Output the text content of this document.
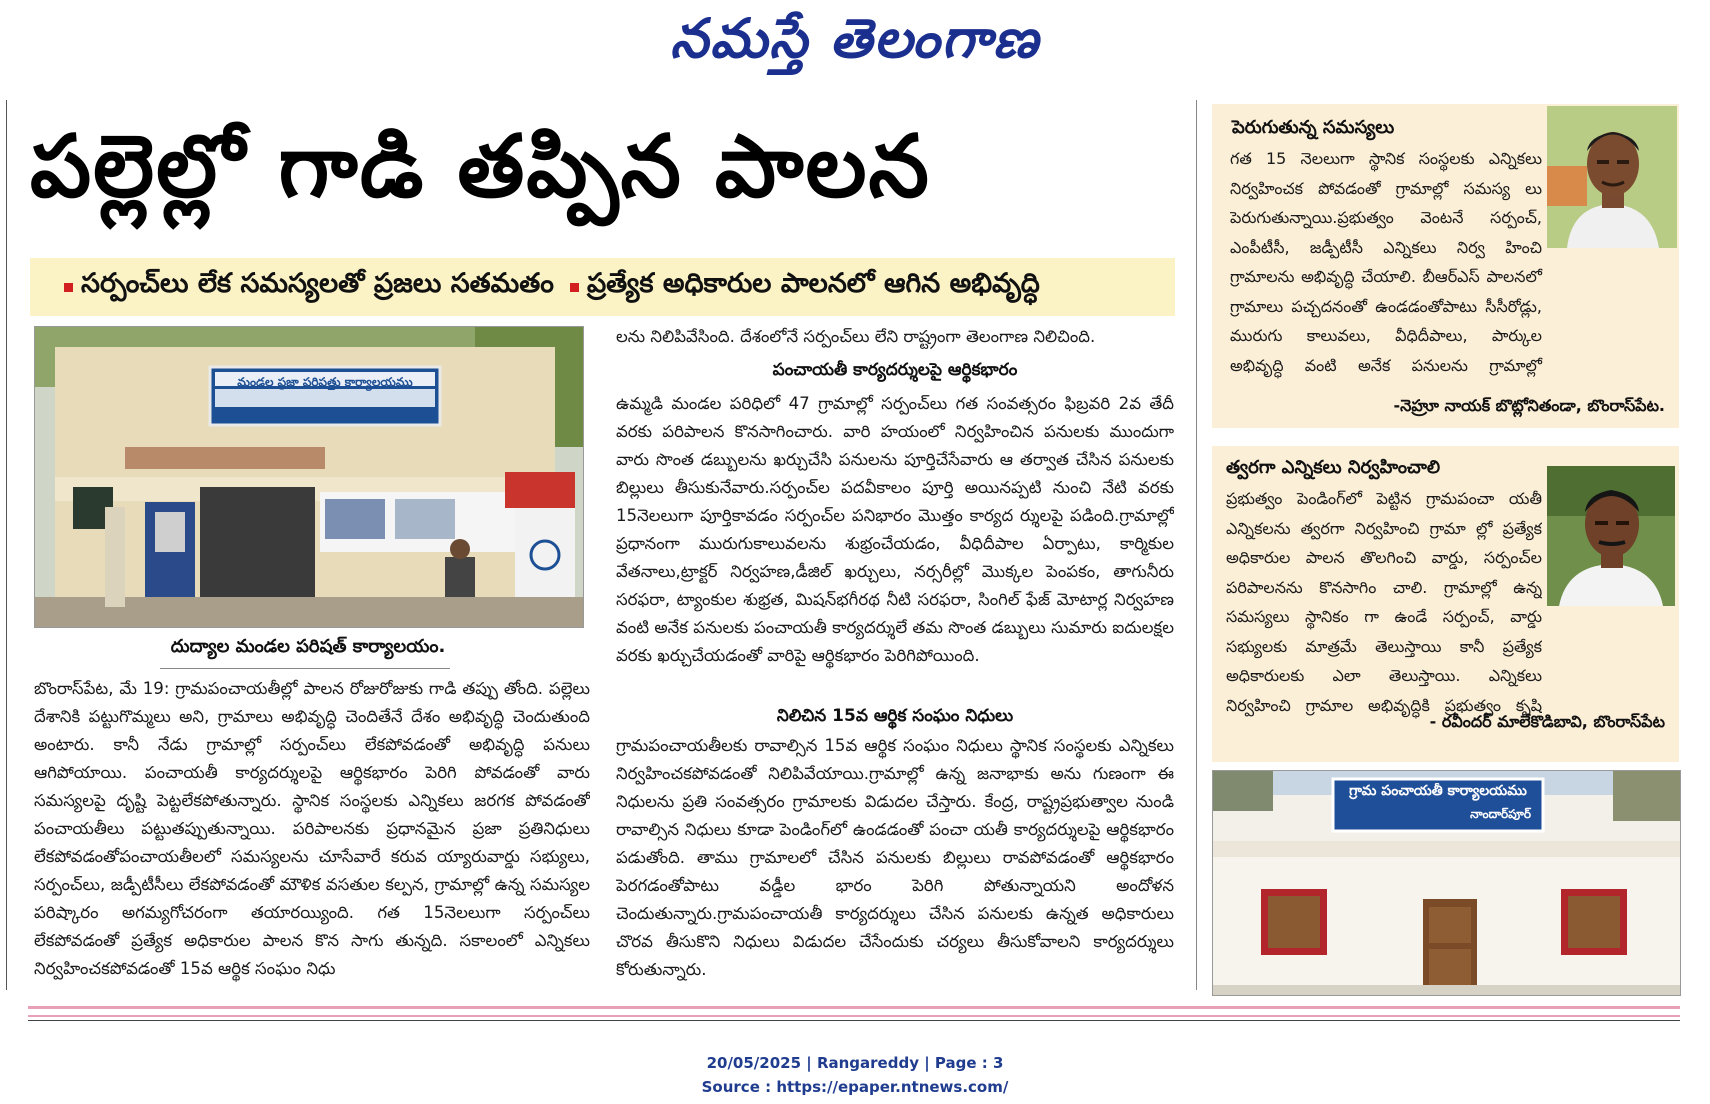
నమస్తే తెలంగాణ
పల్లెల్లో గాడి తప్పిన పాలన
సర్పంచ్‌లు లేక సమస్యలతో ప్రజలు సతమతం ప్రత్యేక అధికారుల పాలనలో ఆగిన అభివృద్ధి
మండల ప్రజా పరిషత్తు కార్యాలయము
దుద్యాల మండల పరిషత్ కార్యాలయం.
బొంరాస్‌పేట, మే 19: గ్రామపంచాయతీల్లో పాలన రోజురోజుకు గాడి తప్పు తోంది. పల్లెలు దేశానికి పట్టుగొమ్మలు అని, గ్రామాలు అభివృద్ధి చెందితేనే దేశం అభివృద్ధి చెందుతుంది అంటారు. కానీ నేడు గ్రామాల్లో సర్పంచ్‌లు లేకపోవడంతో అభివృద్ధి పనులు ఆగిపోయాయి. పంచాయతీ కార్యదర్శులపై ఆర్థికభారం పెరిగి పోవడంతో వారు సమస్యలపై దృష్టి పెట్టలేకపోతున్నారు. స్థానిక సంస్థలకు ఎన్నికలు జరగక పోవడంతో పంచాయతీలు పట్టుతప్పుతున్నాయి. పరిపాలనకు ప్రధానమైన ప్రజా ప్రతినిధులు లేకపోవడంతోపంచాయతీలలో సమస్యలను చూసేవారే కరువ య్యారువార్డు సభ్యులు, సర్పంచ్‌లు, జడ్పీటీసీలు లేకపోవడంతో మౌళిక వసతుల కల్పన, గ్రామాల్లో ఉన్న సమస్యల పరిష్కారం అగమ్యగోచరంగా తయారయ్యింది. గత 15నెలలుగా సర్పంచ్‌లు లేకపోవడంతో ప్రత్యేక అధికారుల పాలన కొన సాగు తున్నది. సకాలంలో ఎన్నికలు నిర్వహించకపోవడంతో 15వ ఆర్థిక సంఘం నిధు
లను నిలిపివేసింది. దేశంలోనే సర్పంచ్‌లు లేని రాష్ట్రంగా తెలంగాణ నిలిచింది.
పంచాయతీ కార్యదర్శులపై ఆర్థికభారం
ఉమ్మడి మండల పరిధిలో 47 గ్రామాల్లో సర్పంచ్‌లు గత సంవత్సరం ఫిబ్రవరి 2వ తేదీ వరకు పరిపాలన కొనసాగించారు. వారి హయంలో నిర్వహించిన పనులకు ముందుగా వారు సొంత డబ్బులను ఖర్చుచేసి పనులను పూర్తిచేసేవారు ఆ తర్వాత చేసిన పనులకు బిల్లులు తీసుకునేవారు.సర్పంచ్‌ల పదవీకాలం పూర్తి అయినప్పటి నుంచి నేటి వరకు 15నెలలుగా పూర్తికావడం సర్పంచ్‌ల పనిభారం మొత్తం కార్యద ర్శులపై పడింది.గ్రామాల్లో ప్రధానంగా మురుగుకాలువలను శుభ్రంచేయడం, వీధిదీపాల ఏర్పాటు, కార్మికుల వేతనాలు,ట్రాక్టర్ నిర్వహణ,డీజిల్ ఖర్చులు, నర్సరీల్లో మొక్కల పెంపకం, తాగునీరు సరఫరా, ట్యాంకుల శుభ్రత, మిషన్‌భగీరథ నీటి సరఫరా, సింగిల్ ఫేజ్ మోటార్ల నిర్వహణ వంటి అనేక పనులకు పంచాయతీ కార్యదర్శులే తమ సొంత డబ్బులు సుమారు ఐదులక్షల వరకు ఖర్చుచేయడంతో వారిపై ఆర్థికభారం పెరిగిపోయింది.
నిలిచిన 15వ ఆర్థిక సంఘం నిధులు
గ్రామపంచాయతీలకు రావాల్సిన 15వ ఆర్థిక సంఘం నిధులు స్థానిక సంస్థలకు ఎన్నికలు నిర్వహించకపోవడంతో నిలిపివేయాయి.గ్రామాల్లో ఉన్న జనాభాకు అను గుణంగా ఈ నిధులను ప్రతి సంవత్సరం గ్రామాలకు విడుదల చేస్తారు. కేంద్ర, రాష్ట్రప్రభుత్వాల నుండి రావాల్సిన నిధులు కూడా పెండింగ్‌లో ఉండడంతో పంచా యతీ కార్యదర్శులపై ఆర్థికభారం పడుతోంది. తాము గ్రామాలలో చేసిన పనులకు బిల్లులు రావపోవడంతో ఆర్థికభారం పెరగడంతోపాటు వడ్డీల భారం పెరిగి పోతున్నాయని అందోళన చెందుతున్నారు.గ్రామపంచాయతీ కార్యదర్శులు చేసిన పనులకు ఉన్నత అధికారులు చొరవ తీసుకొని నిధులు విడుదల చేసేందుకు చర్యలు తీసుకోవాలని కార్యదర్శులు కోరుతున్నారు.
పెరుగుతున్న సమస్యలు
గత 15 నెలలుగా స్థానిక సంస్థలకు ఎన్నికలు నిర్వహించక పోవడంతో గ్రామాల్లో సమస్య లు పెరుగుతున్నాయి.ప్రభుత్వం వెంటనే సర్పంచ్, ఎంపీటీసీ, జడ్పీటీసీ ఎన్నికలు నిర్వ హించి
గ్రామాలను అభివృద్ధి చేయాలి. బీఆర్‌ఎస్ పాలనలో గ్రామాలు పచ్చదనంతో ఉండడంతోపాటు సీసీరోడ్లు, మురుగు కాలువలు, వీధిదీపాలు, పార్కుల అభివృద్ధి వంటి అనేక పనులను గ్రామాల్లో
-నెహ్రూ నాయక్ బొట్లోనితండా, బొంరాస్‌పేట.
త్వరగా ఎన్నికలు నిర్వహించాలి
ప్రభుత్వం పెండింగ్‌లో పెట్టిన గ్రామపంచా యతీ ఎన్నికలను త్వరగా నిర్వహించి గ్రామా ల్లో ప్రత్యేక అధికారుల పాలన తొలగించి వార్డు, సర్పంచ్‌ల పరిపాలనను కొనసాగిం చాలి. గ్రామాల్లో ఉన్న సమస్యలు స్థానికం గా ఉండే సర్పంచ్, వార్డు సభ్యులకు మాత్రమే తెలుస్తాయి కానీ ప్రత్యేక అధికారులకు ఎలా తెలుస్తాయి. ఎన్నికలు నిర్వహించి గ్రామాల అభివృద్ధికి ప్రభుత్వం కృషి
- రవీందర్ మాలేకొడిబావి, బొంరాస్‌పేట
గ్రామ పంచాయతీ కార్యాలయము
నాందార్‌పూర్
20/05/2025 | Rangareddy | Page : 3
Source : https://epaper.ntnews.com/
